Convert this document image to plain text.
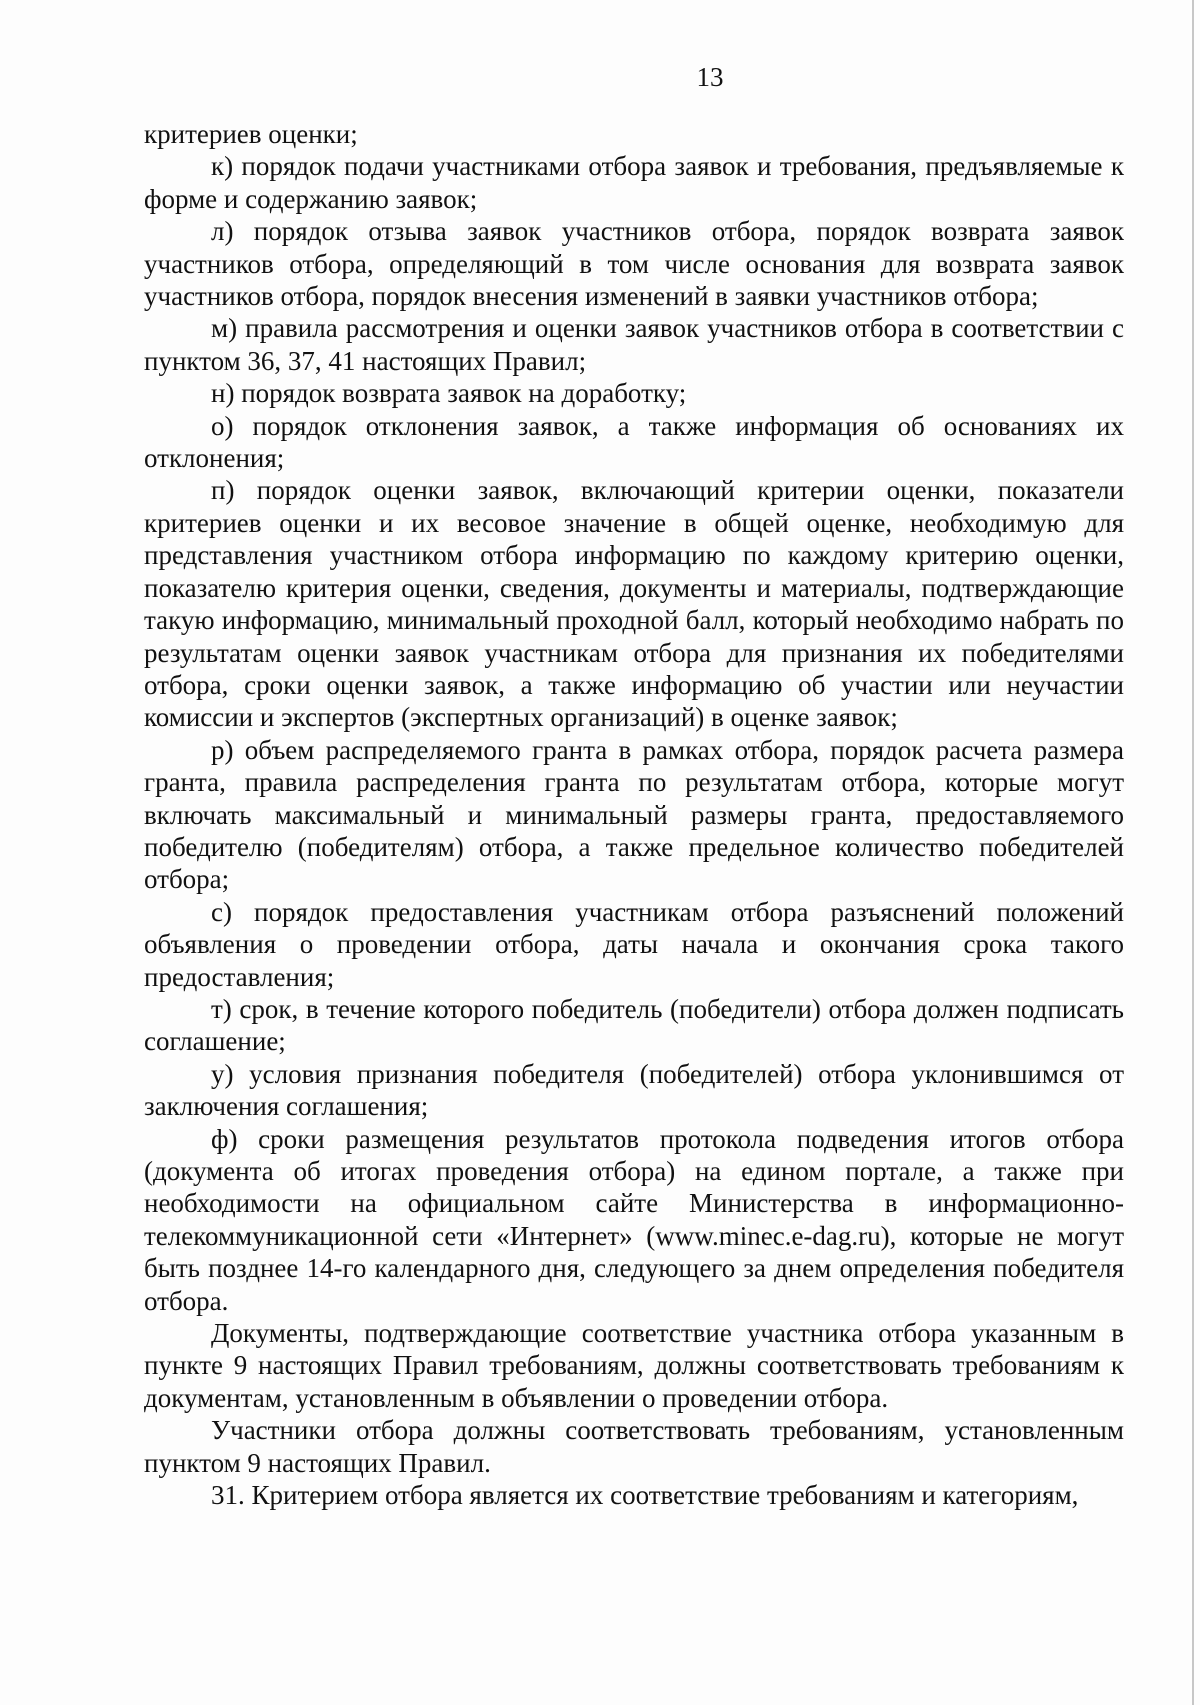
13

критериев оценки;

к) порядок подачи участниками отбора заявок и требования, предъявляемые к форме и содержанию заявок;

л) порядок отзыва заявок участников отбора, порядок возврата заявок участников отбора, определяющий в том числе основания для возврата заявок участников отбора, порядок внесения изменений в заявки участников отбора;

м) правила рассмотрения и оценки заявок участников отбора в соответствии с пунктом 36, 37, 41 настоящих Правил;

н) порядок возврата заявок на доработку;

о) порядок отклонения заявок, а также информация об основаниях их отклонения;

п) порядок оценки заявок, включающий критерии оценки, показатели критериев оценки и их весовое значение в общей оценке, необходимую для представления участником отбора информацию по каждому критерию оценки, показателю критерия оценки, сведения, документы и материалы, подтверждающие такую информацию, минимальный проходной балл, который необходимо набрать по результатам оценки заявок участникам отбора для признания их победителями отбора, сроки оценки заявок, а также информацию об участии или неучастии комиссии и экспертов (экспертных организаций) в оценке заявок;

р) объем распределяемого гранта в рамках отбора, порядок расчета размера гранта, правила распределения гранта по результатам отбора, которые могут включать максимальный и минимальный размеры гранта, предоставляемого победителю (победителям) отбора, а также предельное количество победителей отбора;

с) порядок предоставления участникам отбора разъяснений положений объявления о проведении отбора, даты начала и окончания срока такого предоставления;

т) срок, в течение которого победитель (победители) отбора должен подписать соглашение;

у) условия признания победителя (победителей) отбора уклонившимся от заключения соглашения;

ф) сроки размещения результатов протокола подведения итогов отбора (документа об итогах проведения отбора) на едином портале, а также при необходимости на официальном сайте Министерства в информационно-телекоммуникационной сети «Интернет» (www.minec.e-dag.ru), которые не могут быть позднее 14-го календарного дня, следующего за днем определения победителя отбора.

Документы, подтверждающие соответствие участника отбора указанным в пункте 9 настоящих Правил требованиям, должны соответствовать требованиям к документам, установленным в объявлении о проведении отбора.

Участники отбора должны соответствовать требованиям, установленным пунктом 9 настоящих Правил.

31. Критерием отбора является их соответствие требованиям и категориям,
